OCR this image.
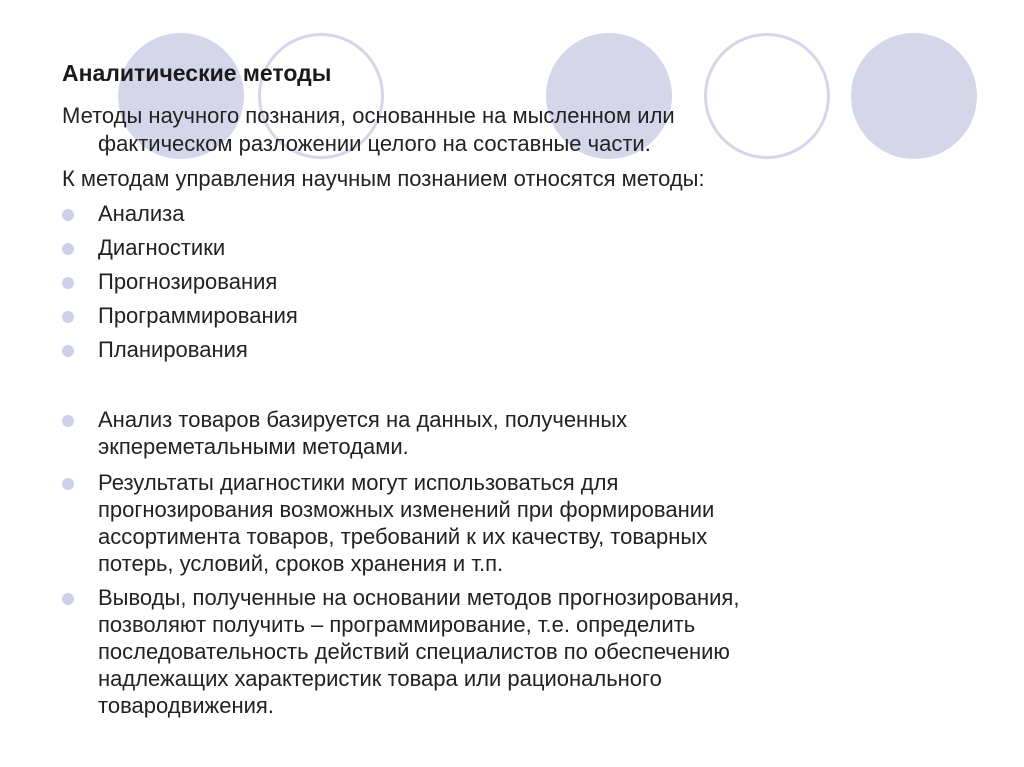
Аналитические методы
Методы научного познания, основанные на мысленном или
фактическом разложении целого на составные части.
К методам управления научным познанием относятся методы:
Анализа
Диагностики
Прогнозирования
Программирования
Планирования
Анализ товаров базируется на данных, полученных
экпереметальными методами.
Результаты диагностики могут использоваться для
прогнозирования возможных изменений при формировании
ассортимента товаров, требований к их качеству, товарных
потерь, условий, сроков хранения и т.п.
Выводы, полученные на основании методов прогнозирования,
позволяют получить – программирование, т.е. определить
последовательность действий специалистов по обеспечению
надлежащих характеристик товара или рационального
товародвижения.
